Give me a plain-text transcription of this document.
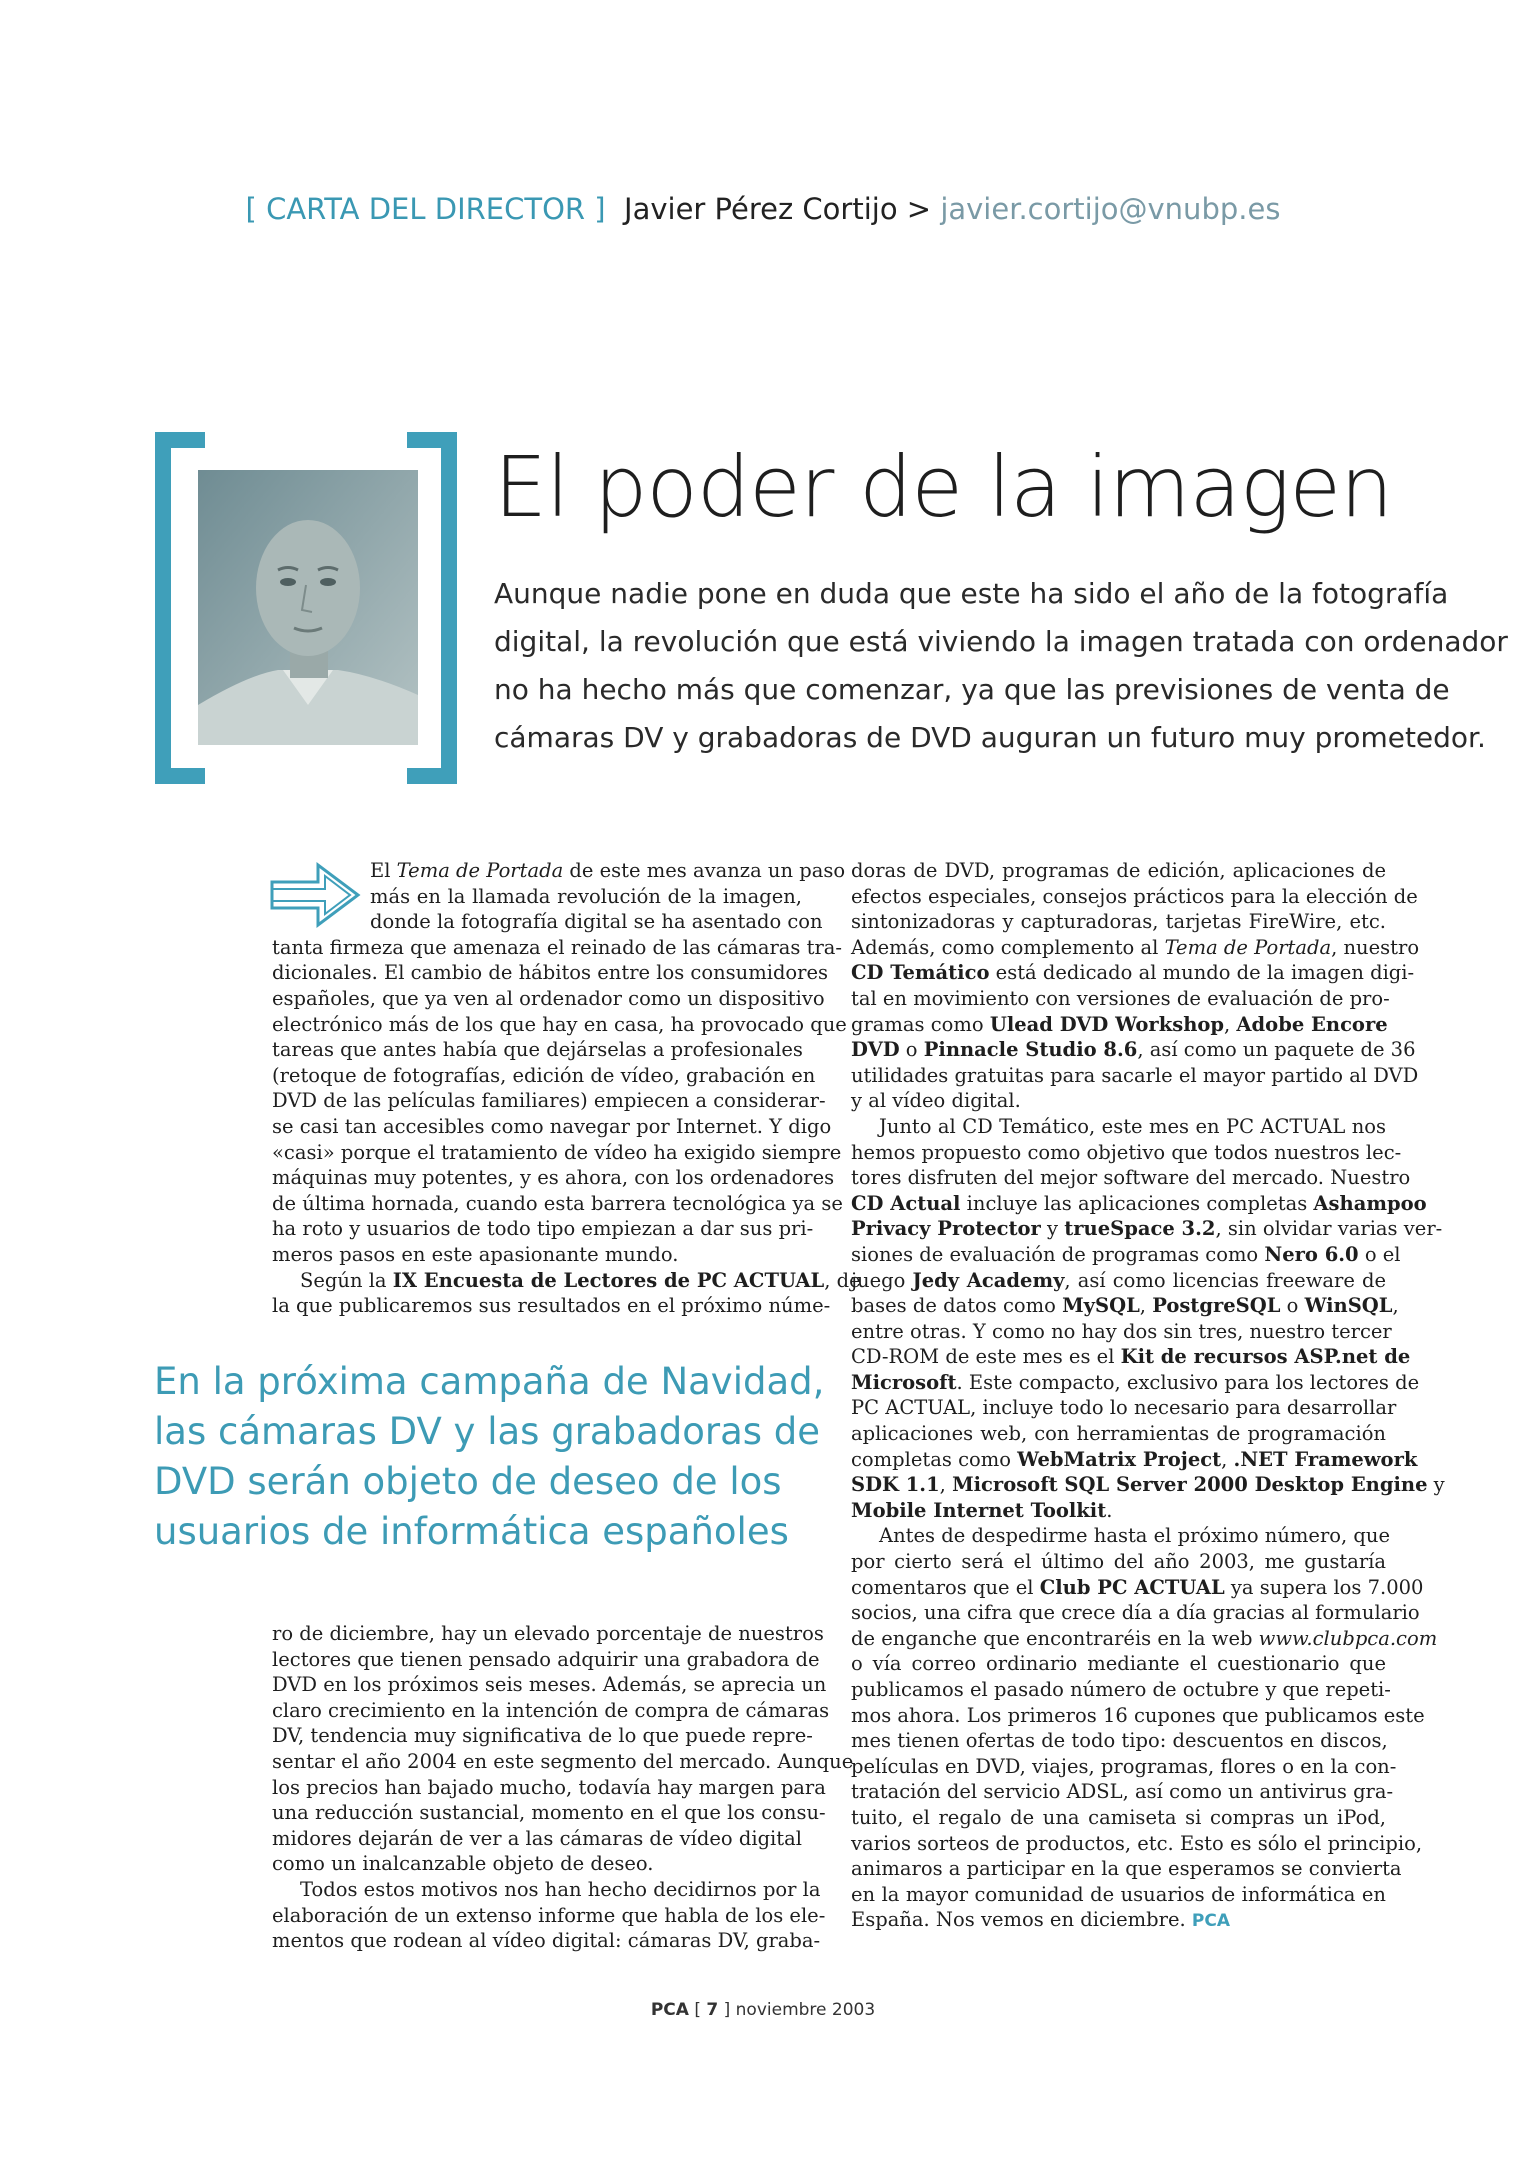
[ CARTA DEL DIRECTOR ] Javier Pérez Cortijo > javier.cortijo@vnubp.es
El poder de la imagen

Aunque nadie pone en duda que este ha sido el año de la fotografía

digital, la revolución que está viviendo la imagen tratada con ordenador

no ha hecho más que comenzar, ya que las previsiones de venta de

cámaras DV y grabadoras de DVD auguran un futuro muy prometedor.

El Tema de Portada de este mes avanza un paso
más en la llamada revolución de la imagen,
donde la fotografía digital se ha asentado con
tanta firmeza que amenaza el reinado de las cámaras tra-
dicionales. El cambio de hábitos entre los consumidores
españoles, que ya ven al ordenador como un dispositivo
electrónico más de los que hay en casa, ha provocado que
tareas que antes había que dejárselas a profesionales
(retoque de fotografías, edición de vídeo, grabación en
DVD de las películas familiares) empiecen a considerar-
se casi tan accesibles como navegar por Internet. Y digo
«casi» porque el tratamiento de vídeo ha exigido siempre
máquinas muy potentes, y es ahora, con los ordenadores
de última hornada, cuando esta barrera tecnológica ya se
ha roto y usuarios de todo tipo empiezan a dar sus pri-
meros pasos en este apasionante mundo.
Según la IX Encuesta de Lectores de PC ACTUAL, de
la que publicaremos sus resultados en el próximo núme-
En la próxima campaña de Navidad,
las cámaras DV y las grabadoras de
DVD serán objeto de deseo de los
usuarios de informática españoles
ro de diciembre, hay un elevado porcentaje de nuestros
lectores que tienen pensado adquirir una grabadora de
DVD en los próximos seis meses. Además, se aprecia un
claro crecimiento en la intención de compra de cámaras
DV, tendencia muy significativa de lo que puede repre-
sentar el año 2004 en este segmento del mercado. Aunque
los precios han bajado mucho, todavía hay margen para
una reducción sustancial, momento en el que los consu-
midores dejarán de ver a las cámaras de vídeo digital
como un inalcanzable objeto de deseo.
Todos estos motivos nos han hecho decidirnos por la
elaboración de un extenso informe que habla de los ele-
mentos que rodean al vídeo digital: cámaras DV, graba-
doras de DVD, programas de edición, aplicaciones de
efectos especiales, consejos prácticos para la elección de
sintonizadoras y capturadoras, tarjetas FireWire, etc.
Además, como complemento al Tema de Portada, nuestro
CD Temático está dedicado al mundo de la imagen digi-
tal en movimiento con versiones de evaluación de pro-
gramas como Ulead DVD Workshop, Adobe Encore
DVD o Pinnacle Studio 8.6, así como un paquete de 36
utilidades gratuitas para sacarle el mayor partido al DVD
y al vídeo digital.
Junto al CD Temático, este mes en PC ACTUAL nos
hemos propuesto como objetivo que todos nuestros lec-
tores disfruten del mejor software del mercado. Nuestro
CD Actual incluye las aplicaciones completas Ashampoo
Privacy Protector y trueSpace 3.2, sin olvidar varias ver-
siones de evaluación de programas como Nero 6.0 o el
juego Jedy Academy, así como licencias freeware de
bases de datos como MySQL, PostgreSQL o WinSQL,
entre otras. Y como no hay dos sin tres, nuestro tercer
CD-ROM de este mes es el Kit de recursos ASP.net de
Microsoft. Este compacto, exclusivo para los lectores de
PC ACTUAL, incluye todo lo necesario para desarrollar
aplicaciones web, con herramientas de programación
completas como WebMatrix Project, .NET Framework
SDK 1.1, Microsoft SQL Server 2000 Desktop Engine y
Mobile Internet Toolkit.
Antes de despedirme hasta el próximo número, que
por cierto será el último del año 2003, me gustaría
comentaros que el Club PC ACTUAL ya supera los 7.000
socios, una cifra que crece día a día gracias al formulario
de enganche que encontraréis en la web www.clubpca.com
o vía correo ordinario mediante el cuestionario que
publicamos el pasado número de octubre y que repeti-
mos ahora. Los primeros 16 cupones que publicamos este
mes tienen ofertas de todo tipo: descuentos en discos,
películas en DVD, viajes, programas, flores o en la con-
tratación del servicio ADSL, así como un antivirus gra-
tuito, el regalo de una camiseta si compras un iPod,
varios sorteos de productos, etc. Esto es sólo el principio,
animaros a participar en la que esperamos se convierta
en la mayor comunidad de usuarios de informática en
España. Nos vemos en diciembre. PCA
PCA [ 7 ] noviembre 2003
